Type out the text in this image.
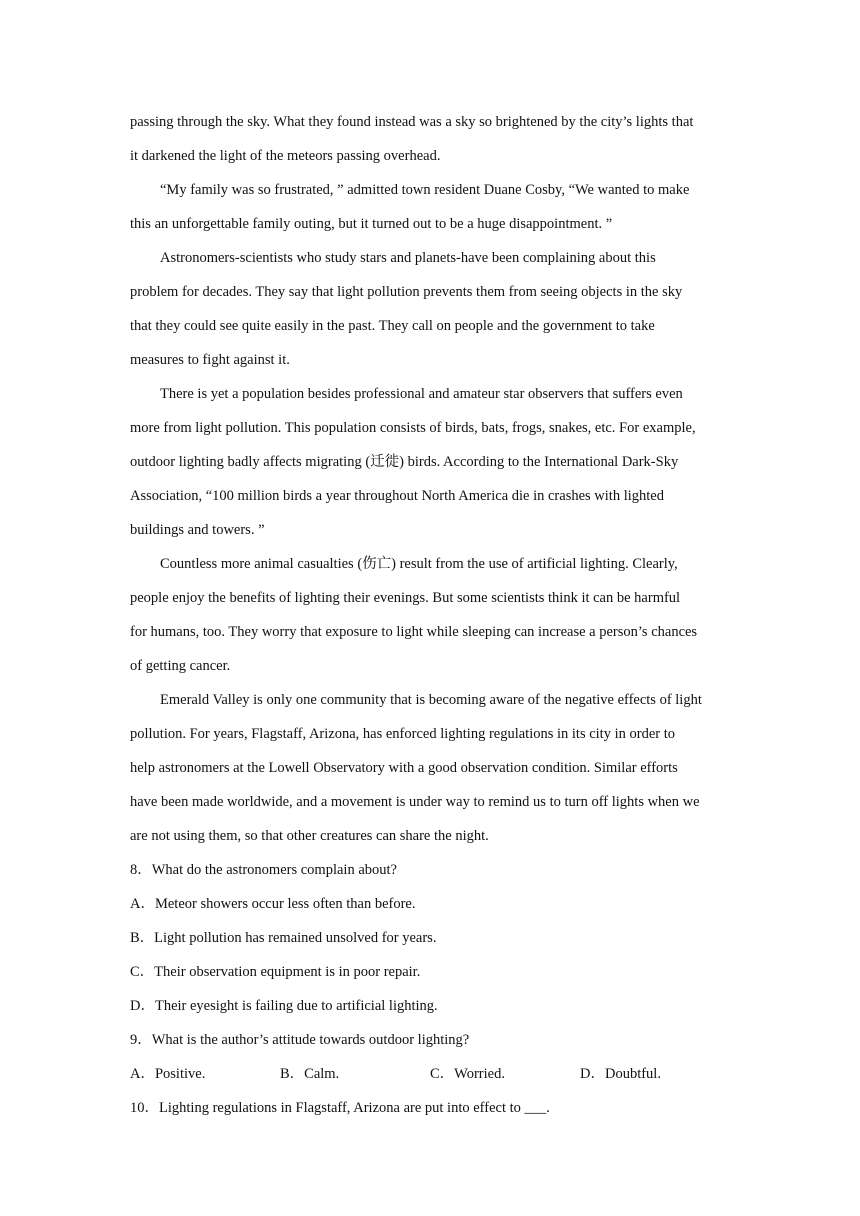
passing through the sky. What they found instead was a sky so brightened by the city’s lights that
it darkened the light of the meteors passing overhead.
“My family was so frustrated, ” admitted town resident Duane Cosby, “We wanted to make
this an unforgettable family outing, but it turned out to be a huge disappointment. ”
Astronomers-scientists who study stars and planets-have been complaining about this
problem for decades. They say that light pollution prevents them from seeing objects in the sky
that they could see quite easily in the past. They call on people and the government to take
measures to fight against it.
There is yet a population besides professional and amateur star observers that suffers even
more from light pollution. This population consists of birds, bats, frogs, snakes, etc. For example,
outdoor lighting badly affects migrating (迁徙) birds. According to the International Dark-Sky
Association, “100 million birds a year throughout North America die in crashes with lighted
buildings and towers. ”
Countless more animal casualties (伤亡) result from the use of artificial lighting. Clearly,
people enjoy the benefits of lighting their evenings. But some scientists think it can be harmful
for humans, too. They worry that exposure to light while sleeping can increase a person’s chances
of getting cancer.
Emerald Valley is only one community that is becoming aware of the negative effects of light
pollution. For years, Flagstaff, Arizona, has enforced lighting regulations in its city in order to
help astronomers at the Lowell Observatory with a good observation condition. Similar efforts
have been made worldwide, and a movement is under way to remind us to turn off lights when we
are not using them, so that other creatures can share the night.
8．What do the astronomers complain about?
A．Meteor showers occur less often than before.
B．Light pollution has remained unsolved for years.
C．Their observation equipment is in poor repair.
D．Their eyesight is failing due to artificial lighting.
9．What is the author’s attitude towards outdoor lighting?
A．Positive.	B．Calm.	C．Worried.	D．Doubtful.
10．Lighting regulations in Flagstaff, Arizona are put into effect to ___.
